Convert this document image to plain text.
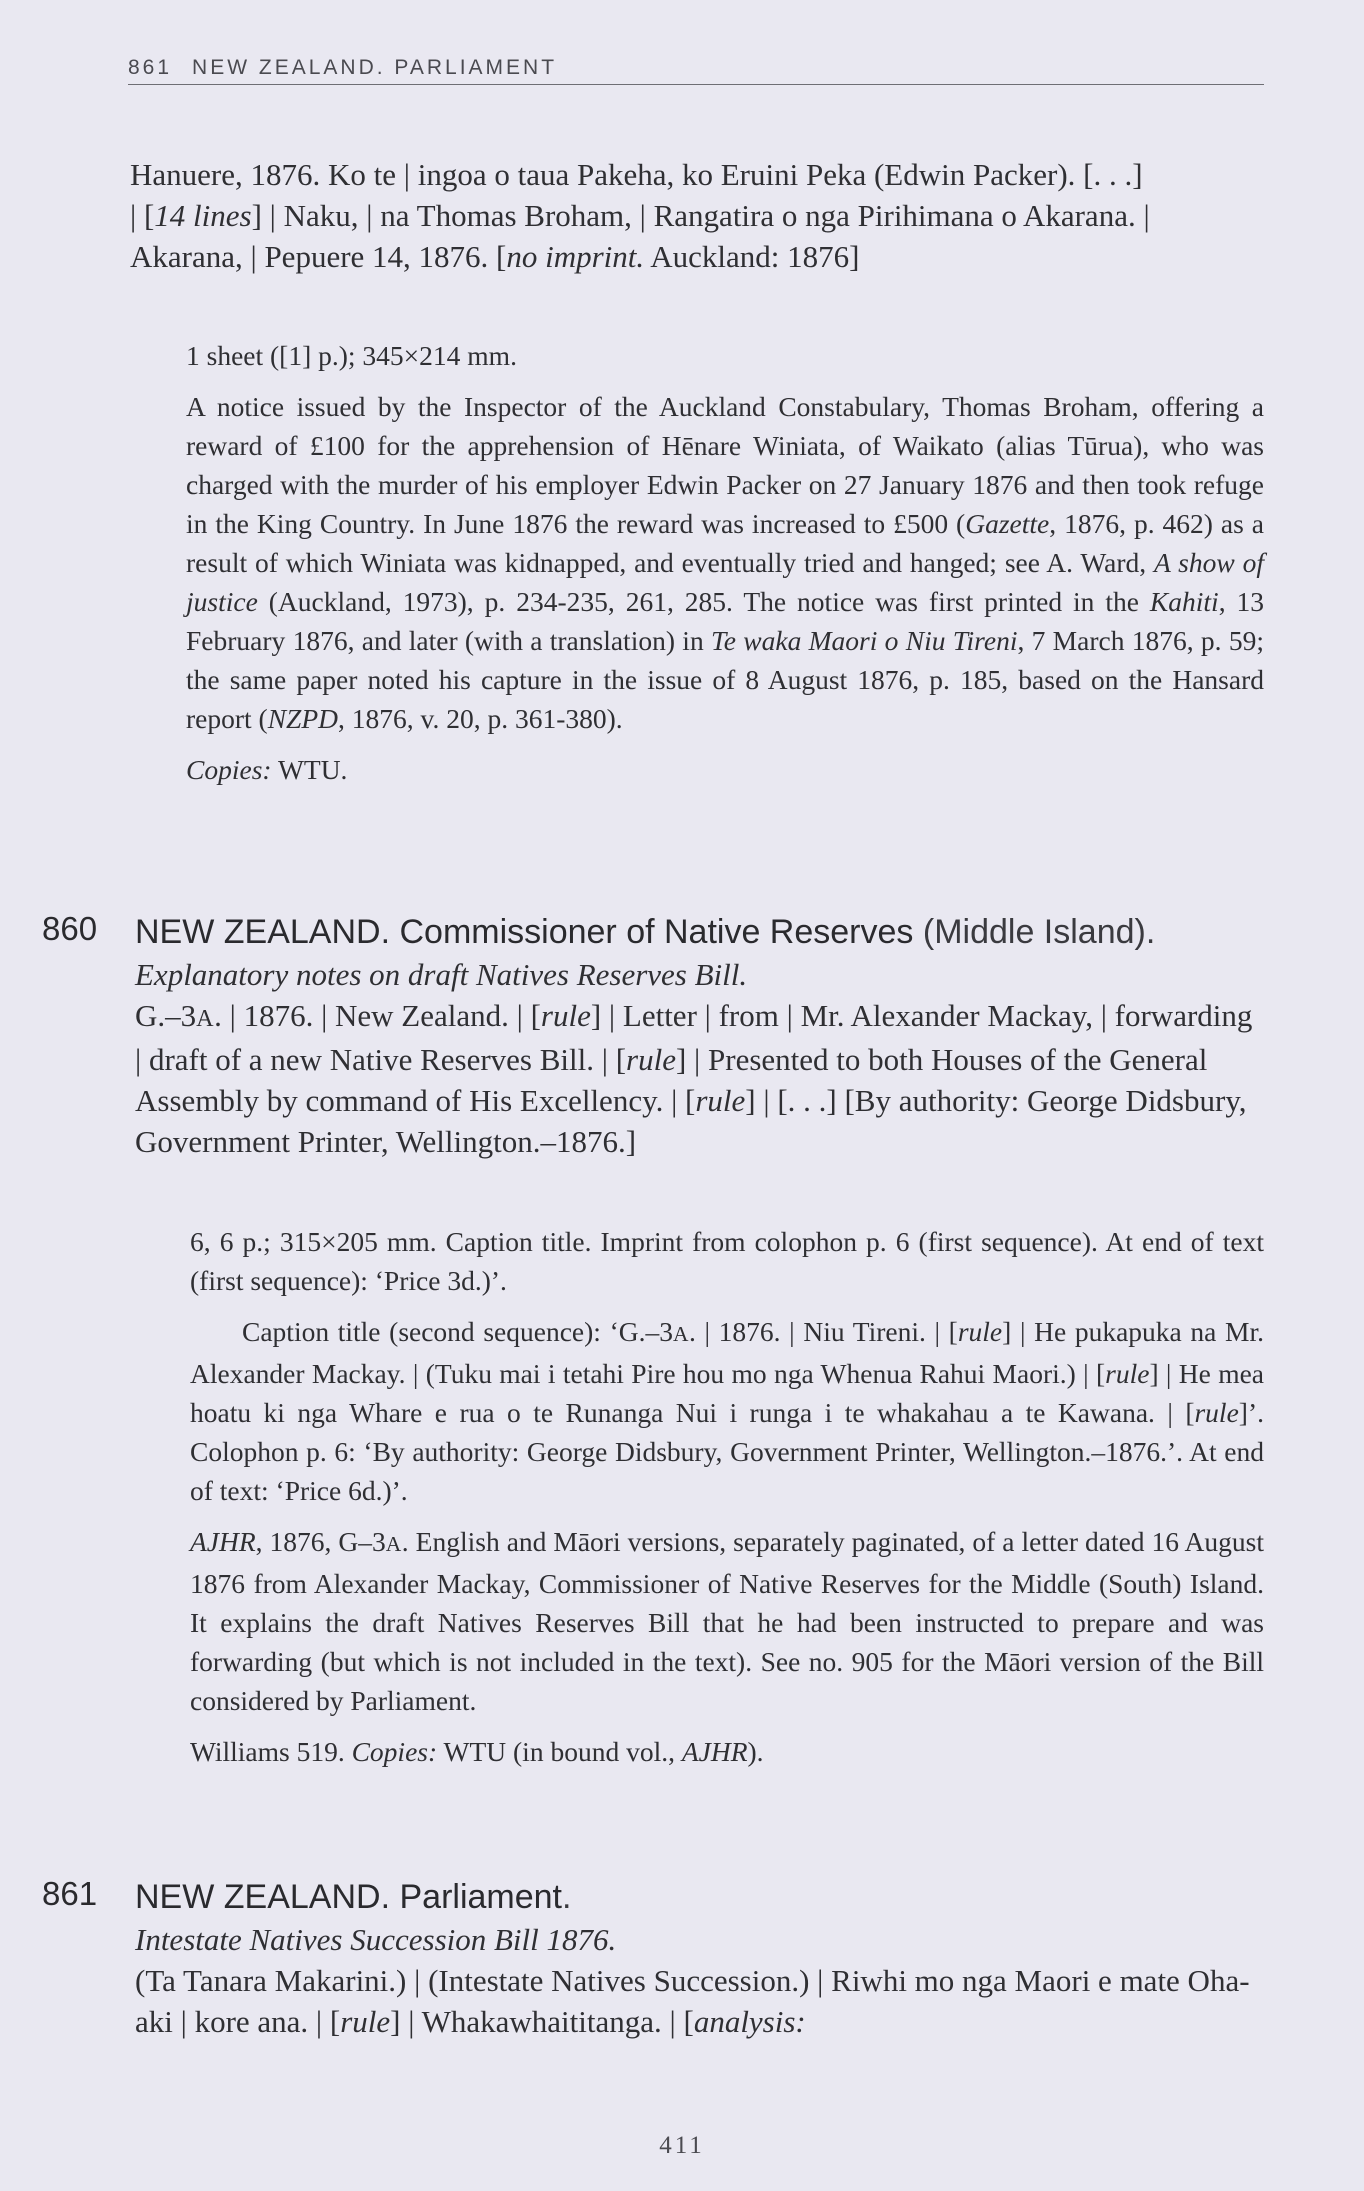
861 NEW ZEALAND. PARLIAMENT
Hanuere, 1876. Ko te | ingoa o taua Pakeha, ko Eruini Peka (Edwin Packer). [. . .] | [14 lines] | Naku, | na Thomas Broham, | Rangatira o nga Pirihimana o Akarana. | Akarana, | Pepuere 14, 1876. [no imprint. Auckland: 1876]

1 sheet ([1] p.); 345×214 mm.

A notice issued by the Inspector of the Auckland Constabulary, Thomas Broham, offering a reward of £100 for the apprehension of Hēnare Winiata, of Waikato (alias Tūrua), who was charged with the murder of his employer Edwin Packer on 27 January 1876 and then took refuge in the King Country. In June 1876 the reward was increased to £500 (Gazette, 1876, p. 462) as a result of which Winiata was kidnapped, and eventually tried and hanged; see A. Ward, A show of justice (Auckland, 1973), p. 234-235, 261, 285. The notice was first printed in the Kahiti, 13 February 1876, and later (with a translation) in Te waka Maori o Niu Tireni, 7 March 1876, p. 59; the same paper noted his capture in the issue of 8 August 1876, p. 185, based on the Hansard report (NZPD, 1876, v. 20, p. 361-380).

Copies: WTU.

860 NEW ZEALAND. Commissioner of Native Reserves (Middle Island).
Explanatory notes on draft Natives Reserves Bill.
G.–3A. | 1876. | New Zealand. | [rule] | Letter | from | Mr. Alexander Mackay, | forwarding | draft of a new Native Reserves Bill. | [rule] | Presented to both Houses of the General Assembly by command of His Excellency. | [rule] | [. . .] [By authority: George Didsbury, Government Printer, Wellington.–1876.]

6, 6 p.; 315×205 mm. Caption title. Imprint from colophon p. 6 (first sequence). At end of text (first sequence): ‘Price 3d.)’.

Caption title (second sequence): ‘G.–3A. | 1876. | Niu Tireni. | [rule] | He pukapuka na Mr. Alexander Mackay. | (Tuku mai i tetahi Pire hou mo nga Whenua Rahui Maori.) | [rule] | He mea hoatu ki nga Whare e rua o te Runanga Nui i runga i te whakahau a te Kawana. | [rule]’. Colophon p. 6: ‘By authority: George Didsbury, Government Printer, Wellington.–1876.’. At end of text: ‘Price 6d.)’.

AJHR, 1876, G–3A. English and Māori versions, separately paginated, of a letter dated 16 August 1876 from Alexander Mackay, Commissioner of Native Reserves for the Middle (South) Island. It explains the draft Natives Reserves Bill that he had been instructed to prepare and was forwarding (but which is not included in the text). See no. 905 for the Māori version of the Bill considered by Parliament.

Williams 519. Copies: WTU (in bound vol., AJHR).

861 NEW ZEALAND. Parliament.
Intestate Natives Succession Bill 1876.
(Ta Tanara Makarini.) | (Intestate Natives Succession.) | Riwhi mo nga Maori e mate Oha-aki | kore ana. | [rule] | Whakawhaititanga. | [analysis:
411
